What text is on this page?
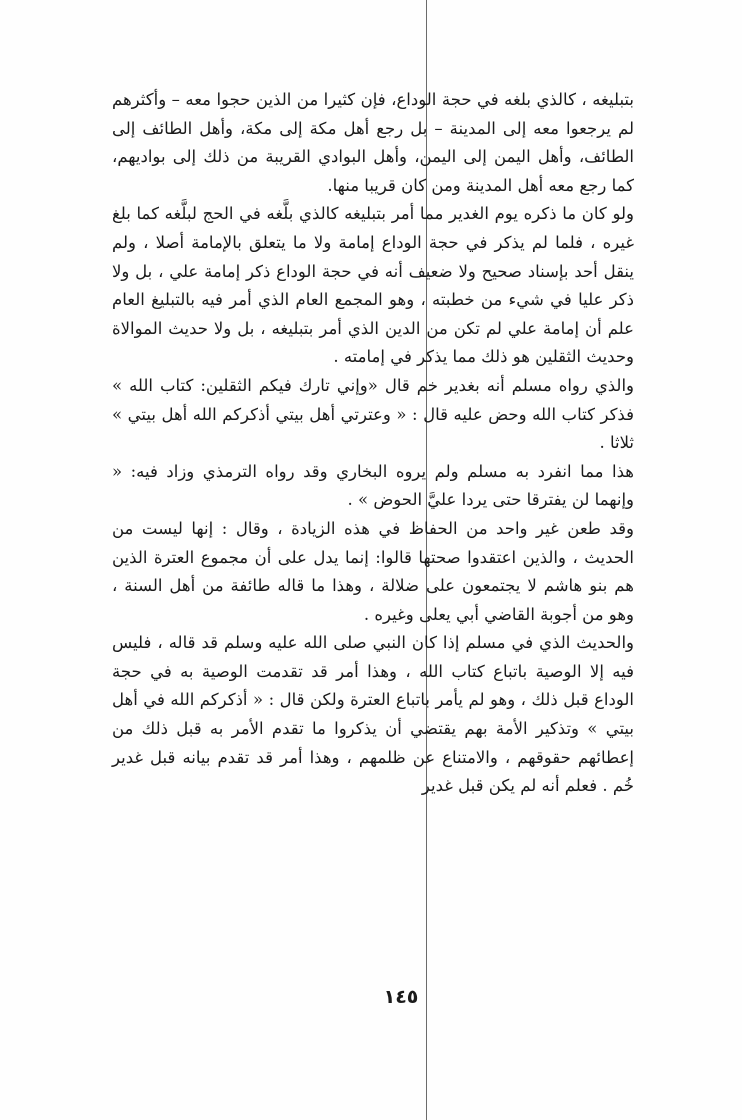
بتبليغه ، كالذي بلغه في حجة الوداع، فإن كثيرا من الذين حجوا معه – وأكثرهم لم يرجعوا معه إلى المدينة – بل رجع أهل مكة إلى مكة، وأهل الطائف إلى الطائف، وأهل اليمن إلى اليمن، وأهل البوادي القريبة من ذلك إلى بواديهم، كما رجع معه أهل المدينة ومن كان قريبا منها.

ولو كان ما ذكره يوم الغدير مما أمر بتبليغه كالذي بلَّغه في الحج لبلَّغه كما بلغ غيره ، فلما لم يذكر في حجة الوداع إمامة ولا ما يتعلق بالإمامة أصلا ، ولم ينقل أحد بإسناد صحيح ولا ضعيف أنه في حجة الوداع ذكر إمامة علي ، بل ولا ذكر عليا في شيء من خطبته ، وهو المجمع العام الذي أمر فيه بالتبليغ العام علم أن إمامة علي لم تكن من الدين الذي أمر بتبليغه ، بل ولا حديث الموالاة وحديث الثقلين هو ذلك مما يذكر في إمامته .

والذي رواه مسلم أنه بغدير خم قال «وإني تارك فيكم الثقلين: كتاب الله » فذكر كتاب الله وحض عليه قال : « وعترتي أهل بيتي أذكركم الله أهل بيتي » ثلاثا .

هذا مما انفرد به مسلم ولم يروه البخاري وقد رواه الترمذي وزاد فيه: « وإنهما لن يفترقا حتى يردا عليَّ الحوض » .

وقد طعن غير واحد من الحفاظ في هذه الزيادة ، وقال : إنها ليست من الحديث ، والذين اعتقدوا صحتها قالوا: إنما يدل على أن مجموع العترة الذين هم بنو هاشم لا يجتمعون على ضلالة ، وهذا ما قاله طائفة من أهل السنة ، وهو من أجوبة القاضي أبي يعلى وغيره .

والحديث الذي في مسلم إذا كان النبي صلى الله عليه وسلم قد قاله ، فليس فيه إلا الوصية باتباع كتاب الله ، وهذا أمر قد تقدمت الوصية به في حجة الوداع قبل ذلك ، وهو لم يأمر باتباع العترة ولكن قال : « أذكركم الله في أهل بيتي » وتذكير الأمة بهم يقتضي أن يذكروا ما تقدم الأمر به قبل ذلك من إعطائهم حقوقهم ، والامتناع عن ظلمهم ، وهذا أمر قد تقدم بيانه قبل غدير خُم . فعلم أنه لم يكن قبل غدير

١٤٥
